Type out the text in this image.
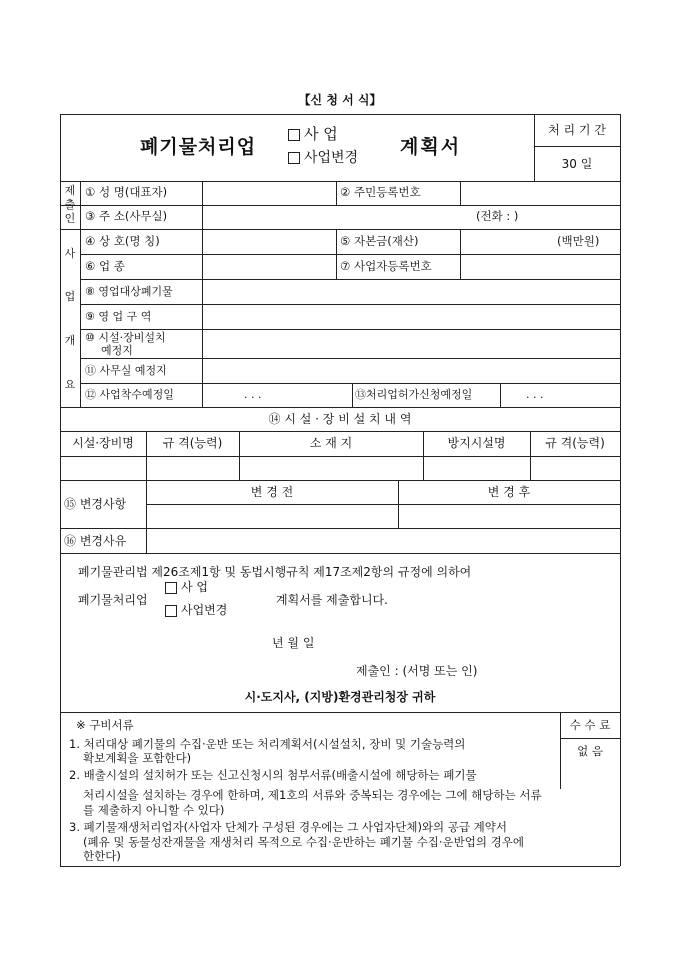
【신 청 서 식】
폐기물처리업
사 업
사업변경 계획서
처 리 기 간
30 일
제
출
인
① 성 명(대표자)	② 주민등록번호
③ 주 소(사무실)	(전화 : )
사
업
개
요
④ 상 호(명 칭)	⑤ 자본금(재산)	(백만원)
⑥ 업 종	⑦ 사업자등록번호
⑧ 영업대상폐기물
⑨ 영 업 구 역
⑩ 시설·장비설치
예정지
⑪ 사무실 예정지
⑫ 사업착수예정일	. . .	⑬처리업허가신청예정일	. . .
⑭ 시 설 · 장 비 설 치 내 역
시설·장비명	규 격(능력)	소 재 지	방지시설명	규 격(능력)
⑮ 변경사항
변 경 전	변 경 후
⑯ 변경사유
폐기물관리법 제26조제1항 및 동법시행규칙 제17조제2항의 규정에 의하여
폐기물처리업
사 업
사업변경
계획서를 제출합니다.
년 월 일
제출인 : (서명 또는 인)
시·도지사, (지방)환경관리청장 귀하
※ 구비서류	수 수 료
없 음
1. 처리대상 폐기물의 수집·운반 또는 처리계획서(시설설치, 장비 및 기술능력의
확보계획을 포함한다)
2. 배출시설의 설치허가 또는 신고신청시의 첨부서류(배출시설에 해당하는 폐기물
처리시설을 설치하는 경우에 한하며, 제1호의 서류와 중복되는 경우에는 그에 해당하는 서류
를 제출하지 아니할 수 있다)
3. 폐기물재생처리업자(사업자 단체가 구성된 경우에는 그 사업자단체)와의 공급 계약서
(폐유 및 동물성잔재물을 재생처리 목적으로 수집·운반하는 폐기물 수집·운반업의 경우에
한한다)
